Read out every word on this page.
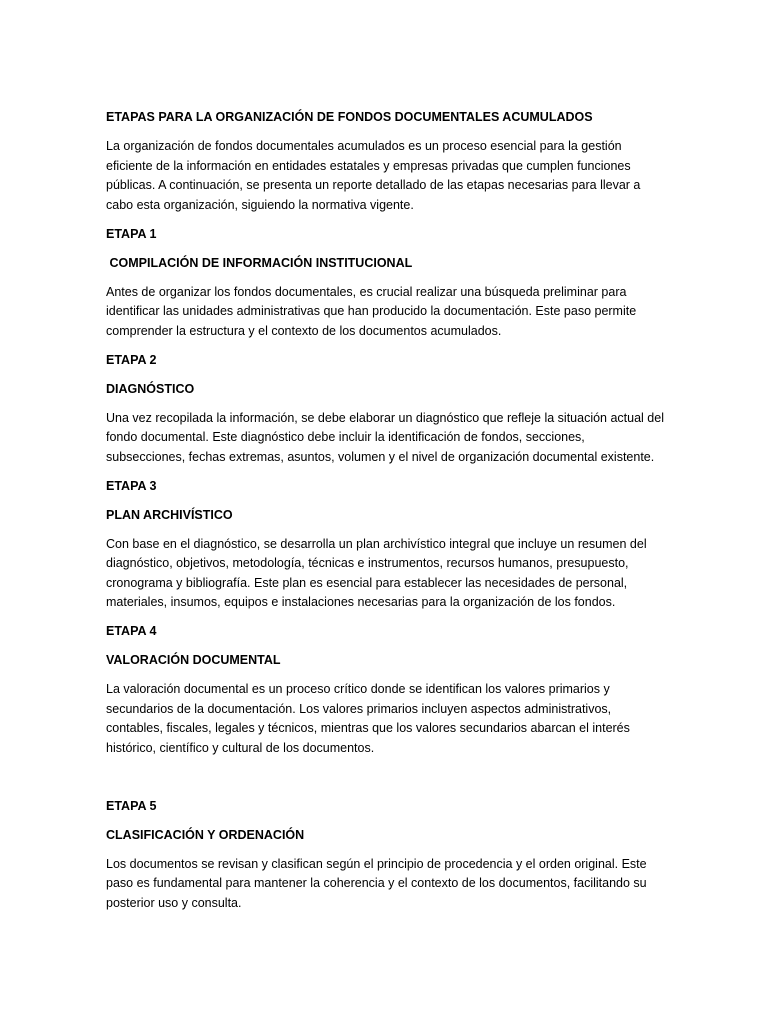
ETAPAS PARA LA ORGANIZACIÓN DE FONDOS DOCUMENTALES ACUMULADOS

La organización de fondos documentales acumulados es un proceso esencial para la gestión eficiente de la información en entidades estatales y empresas privadas que cumplen funciones públicas. A continuación, se presenta un reporte detallado de las etapas necesarias para llevar a cabo esta organización, siguiendo la normativa vigente.

ETAPA 1

COMPILACIÓN DE INFORMACIÓN INSTITUCIONAL

Antes de organizar los fondos documentales, es crucial realizar una búsqueda preliminar para identificar las unidades administrativas que han producido la documentación. Este paso permite comprender la estructura y el contexto de los documentos acumulados.

ETAPA 2

DIAGNÓSTICO

Una vez recopilada la información, se debe elaborar un diagnóstico que refleje la situación actual del fondo documental. Este diagnóstico debe incluir la identificación de fondos, secciones, subsecciones, fechas extremas, asuntos, volumen y el nivel de organización documental existente.

ETAPA 3

PLAN ARCHIVÍSTICO

Con base en el diagnóstico, se desarrolla un plan archivístico integral que incluye un resumen del diagnóstico, objetivos, metodología, técnicas e instrumentos, recursos humanos, presupuesto, cronograma y bibliografía. Este plan es esencial para establecer las necesidades de personal, materiales, insumos, equipos e instalaciones necesarias para la organización de los fondos.

ETAPA 4

VALORACIÓN DOCUMENTAL

La valoración documental es un proceso crítico donde se identifican los valores primarios y secundarios de la documentación. Los valores primarios incluyen aspectos administrativos, contables, fiscales, legales y técnicos, mientras que los valores secundarios abarcan el interés histórico, científico y cultural de los documentos.

ETAPA 5

CLASIFICACIÓN Y ORDENACIÓN

Los documentos se revisan y clasifican según el principio de procedencia y el orden original. Este paso es fundamental para mantener la coherencia y el contexto de los documentos, facilitando su posterior uso y consulta.
